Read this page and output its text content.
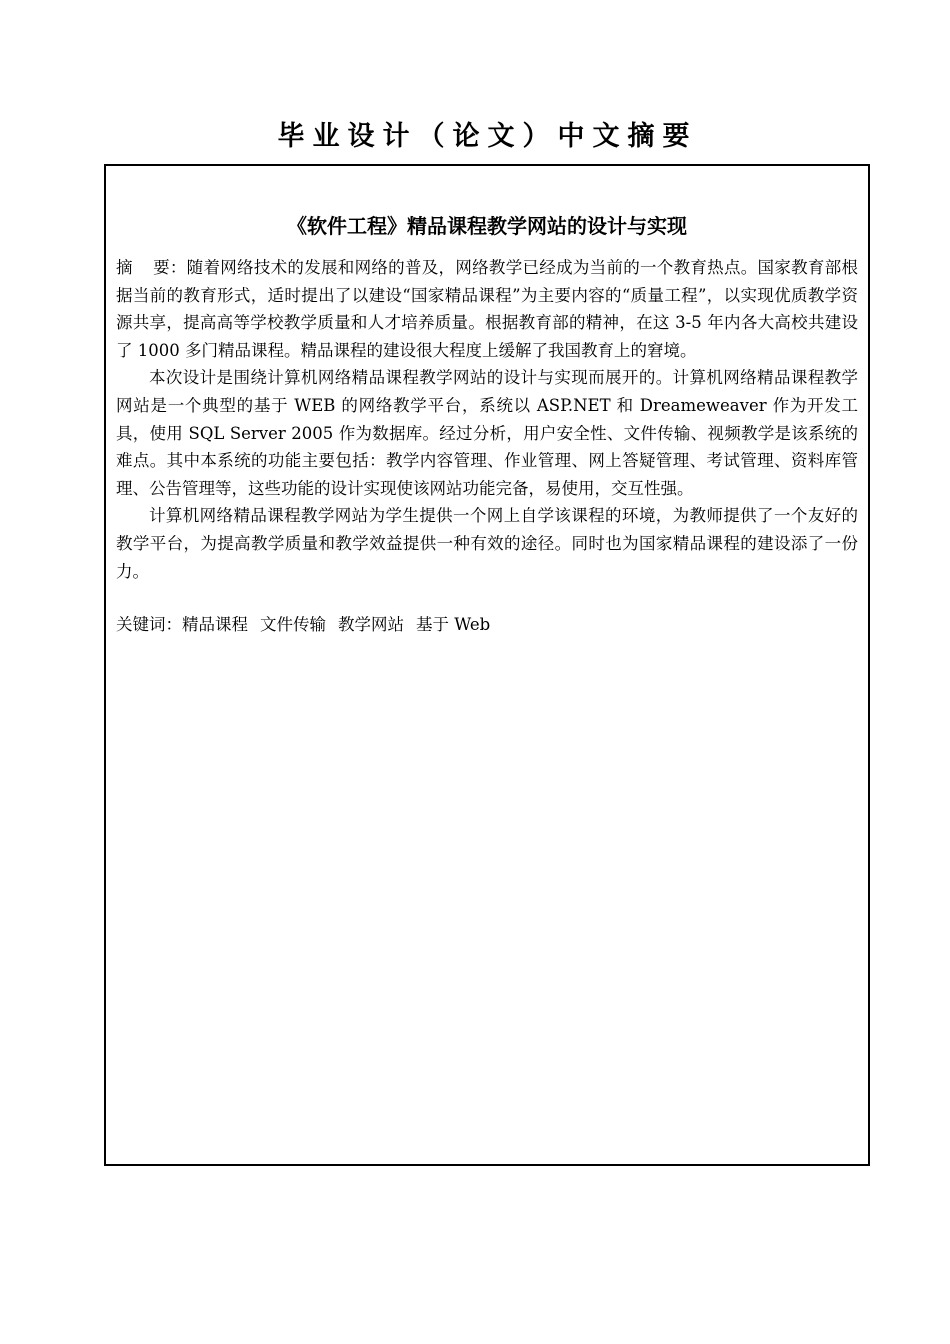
毕业设计（论文）中文摘要
《软件工程》精品课程教学网站的设计与实现

摘 要：随着网络技术的发展和网络的普及，网络教学已经成为当前的一个教育热点。国家教育部根据当前的教育形式，适时提出了以建设“国家精品课程”为主要内容的“质量工程”，以实现优质教学资源共享，提高高等学校教学质量和人才培养质量。根据教育部的精神，在这 3-5 年内各大高校共建设了 1000 多门精品课程。精品课程的建设很大程度上缓解了我国教育上的窘境。

本次设计是围绕计算机网络精品课程教学网站的设计与实现而展开的。计算机网络精品课程教学网站是一个典型的基于 WEB 的网络教学平台，系统以 ASP.NET 和 Dreameweaver 作为开发工具，使用 SQL Server 2005 作为数据库。经过分析，用户安全性、文件传输、视频教学是该系统的难点。其中本系统的功能主要包括：教学内容管理、作业管理、网上答疑管理、考试管理、资料库管理、公告管理等，这些功能的设计实现使该网站功能完备，易使用，交互性强。

计算机网络精品课程教学网站为学生提供一个网上自学该课程的环境，为教师提供了一个友好的教学平台，为提高教学质量和教学效益提供一种有效的途径。同时也为国家精品课程的建设添了一份力。

关键词：精品课程 文件传输 教学网站 基于 Web
